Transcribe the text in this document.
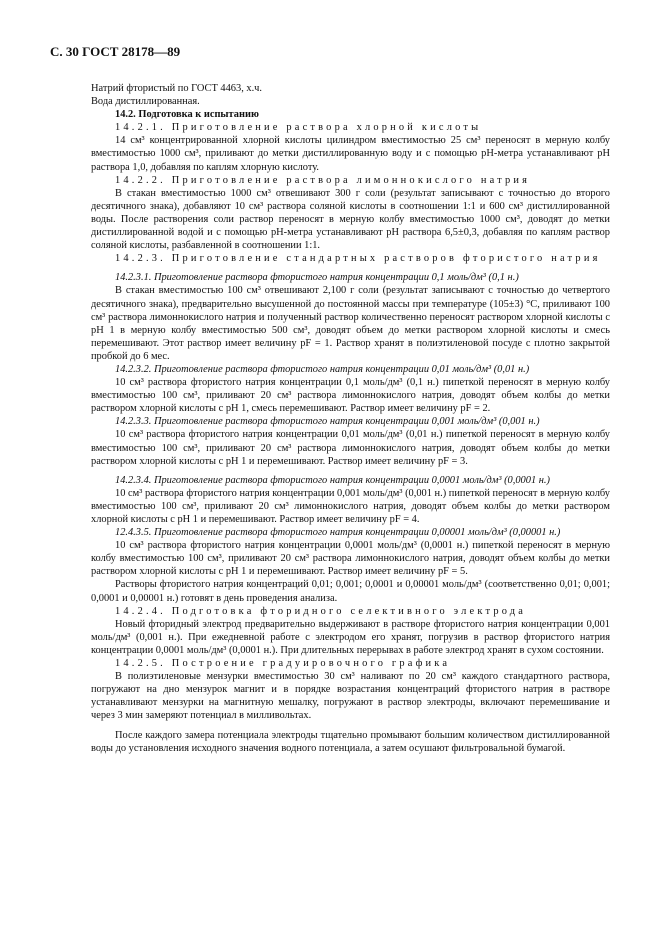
С. 30 ГОСТ 28178—89

Натрий фтористый по ГОСТ 4463, х.ч.

Вода дистиллированная.

14.2. Подготовка к испытанию

14.2.1. Приготовление раствора хлорной кислоты

14 см³ концентрированной хлорной кислоты цилиндром вместимостью 25 см³ переносят в мерную колбу вместимостью 1000 см³, приливают до метки дистиллированную воду и с помощью рН-метра устанавливают рН раствора 1,0, добавляя по каплям хлорную кислоту.

14.2.2. Приготовление раствора лимоннокислого натрия

В стакан вместимостью 1000 см³ отвешивают 300 г соли (результат записывают с точностью до второго десятичного знака), добавляют 10 см³ раствора соляной кислоты в соотношении 1:1 и 600 см³ дистиллированной воды. После растворения соли раствор переносят в мерную колбу вместимостью 1000 см³, доводят до метки дистиллированной водой и с помощью рН-метра устанавливают рН раствора 6,5±0,3, добавляя по каплям раствор соляной кислоты, разбавленной в соотношении 1:1.

14.2.3. Приготовление стандартных растворов фтористого натрия

14.2.3.1. Приготовление раствора фтористого натрия концентрации 0,1 моль/дм³ (0,1 н.)

В стакан вместимостью 100 см³ отвешивают 2,100 г соли (результат записывают с точностью до четвертого десятичного знака), предварительно высушенной до постоянной массы при температуре (105±3) °С, приливают 100 см³ раствора лимоннокислого натрия и полученный раствор количественно переносят раствором хлорной кислоты с рН 1 в мерную колбу вместимостью 500 см³, доводят объем до метки раствором хлорной кислоты и смесь перемешивают. Этот раствор имеет величину рF = 1. Раствор хранят в полиэтиленовой посуде с плотно закрытой пробкой до 6 мес.

14.2.3.2. Приготовление раствора фтористого натрия концентрации 0,01 моль/дм³ (0,01 н.)

10 см³ раствора фтористого натрия концентрации 0,1 моль/дм³ (0,1 н.) пипеткой переносят в мерную колбу вместимостью 100 см³, приливают 20 см³ раствора лимоннокислого натрия, доводят объем колбы до метки раствором хлорной кислоты с рН 1, смесь перемешивают. Раствор имеет величину рF = 2.

14.2.3.3. Приготовление раствора фтористого натрия концентрации 0,001 моль/дм³ (0,001 н.)

10 см³ раствора фтористого натрия концентрации 0,01 моль/дм³ (0,01 н.) пипеткой переносят в мерную колбу вместимостью 100 см³, приливают 20 см³ раствора лимоннокислого натрия, доводят объем колбы до метки раствором хлорной кислоты с рН 1 и перемешивают. Раствор имеет величину рF = 3.

14.2.3.4. Приготовление раствора фтористого натрия концентрации 0,0001 моль/дм³ (0,0001 н.)

10 см³ раствора фтористого натрия концентрации 0,001 моль/дм³ (0,001 н.) пипеткой переносят в мерную колбу вместимостью 100 см³, приливают 20 см³ лимоннокислого натрия, доводят объем колбы до метки раствором хлорной кислоты с рН 1 и перемешивают. Раствор имеет величину рF = 4.

12.4.3.5. Приготовление раствора фтористого натрия концентрации 0,00001 моль/дм³ (0,00001 н.)

10 см³ раствора фтористого натрия концентрации 0,0001 моль/дм³ (0,0001 н.) пипеткой переносят в мерную колбу вместимостью 100 см³, приливают 20 см³ раствора лимоннокислого натрия, доводят объем колбы до метки раствором хлорной кислоты с рН 1 и перемешивают. Раствор имеет величину рF = 5.

Растворы фтористого натрия концентраций 0,01; 0,001; 0,0001 и 0,00001 моль/дм³ (соответственно 0,01; 0,001; 0,0001 и 0,00001 н.) готовят в день проведения анализа.

14.2.4. Подготовка фторидного селективного электрода

Новый фторидный электрод предварительно выдерживают в растворе фтористого натрия концентрации 0,001 моль/дм³ (0,001 н.). При ежедневной работе с электродом его хранят, погрузив в раствор фтористого натрия концентрации 0,0001 моль/дм³ (0,0001 н.). При длительных перерывах в работе электрод хранят в сухом состоянии.

14.2.5. Построение градуировочного графика

В полиэтиленовые мензурки вместимостью 30 см³ наливают по 20 см³ каждого стандартного раствора, погружают на дно мензурок магнит и в порядке возрастания концентраций фтористого натрия в растворе устанавливают мензурки на магнитную мешалку, погружают в раствор электроды, включают перемешивание и через 3 мин замеряют потенциал в милливольтах.

После каждого замера потенциала электроды тщательно промывают большим количеством дистиллированной воды до установления исходного значения водного потенциала, а затем осушают фильтровальной бумагой.
